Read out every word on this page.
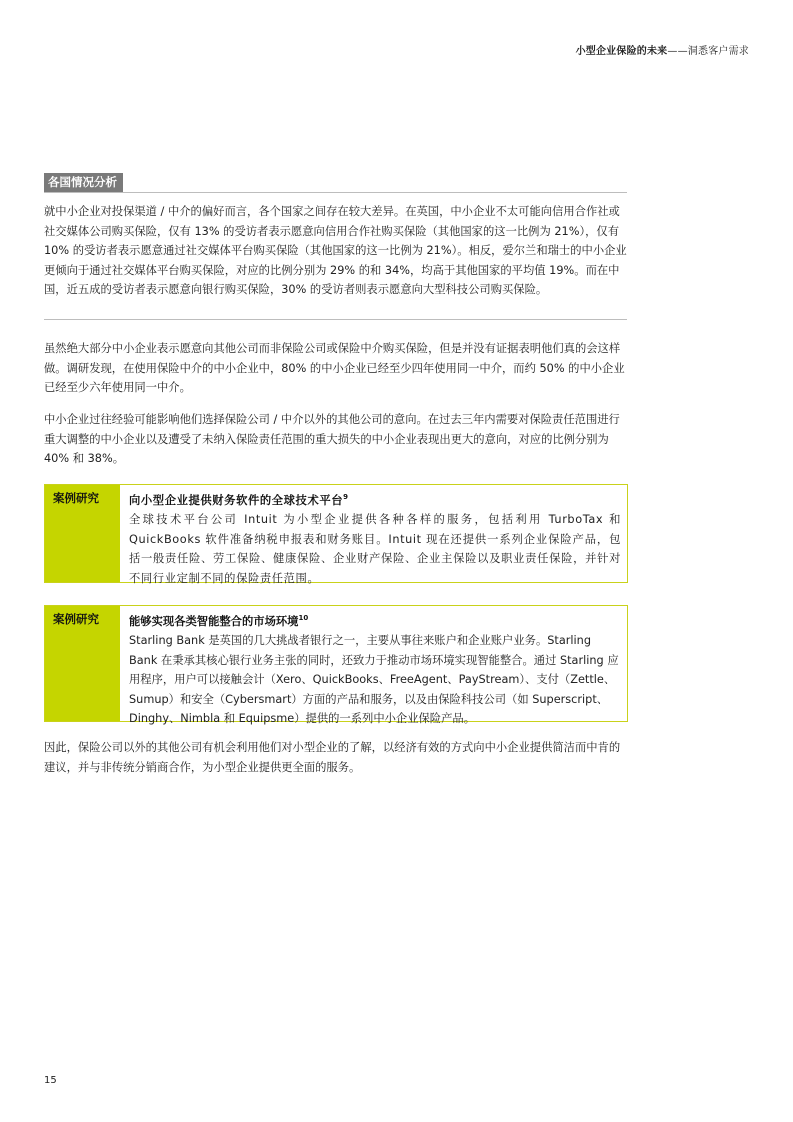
小型企业保险的未来——洞悉客户需求
各国情况分析
就中小企业对投保渠道 / 中介的偏好而言，各个国家之间存在较大差异。在英国，中小企业不太可能向信用合作社或社交媒体公司购买保险，仅有 13% 的受访者表示愿意向信用合作社购买保险（其他国家的这一比例为 21%），仅有 10% 的受访者表示愿意通过社交媒体平台购买保险（其他国家的这一比例为 21%）。相反，爱尔兰和瑞士的中小企业更倾向于通过社交媒体平台购买保险，对应的比例分别为 29% 的和 34%，均高于其他国家的平均值 19%。而在中国，近五成的受访者表示愿意向银行购买保险，30% 的受访者则表示愿意向大型科技公司购买保险。
虽然绝大部分中小企业表示愿意向其他公司而非保险公司或保险中介购买保险，但是并没有证据表明他们真的会这样做。调研发现，在使用保险中介的中小企业中，80% 的中小企业已经至少四年使用同一中介，而约 50% 的中小企业已经至少六年使用同一中介。
中小企业过往经验可能影响他们选择保险公司 / 中介以外的其他公司的意向。在过去三年内需要对保险责任范围进行重大调整的中小企业以及遭受了未纳入保险责任范围的重大损失的中小企业表现出更大的意向，对应的比例分别为 40% 和 38%。
案例研究	向小型企业提供财务软件的全球技术平台$^9$
全球技术平台公司 Intuit 为小型企业提供各种各样的服务，包括利用 TurboTax 和 QuickBooks 软件准备纳税申报表和财务账目。Intuit 现在还提供一系列企业保险产品，包括一般责任险、劳工保险、健康保险、企业财产保险、企业主保险以及职业责任保险，并针对不同行业定制不同的保险责任范围。
案例研究	能够实现各类智能整合的市场环境$^{10}$
Starling Bank 是英国的几大挑战者银行之一，主要从事往来账户和企业账户业务。Starling Bank 在秉承其核心银行业务主张的同时，还致力于推动市场环境实现智能整合。通过 Starling 应用程序，用户可以接触会计（Xero、QuickBooks、FreeAgent、PayStream）、支付（Zettle、Sumup）和安全（Cybersmart）方面的产品和服务，以及由保险科技公司（如 Superscript、Dinghy、Nimbla 和 Equipsme）提供的一系列中小企业保险产品。
因此，保险公司以外的其他公司有机会利用他们对小型企业的了解，以经济有效的方式向中小企业提供简洁而中肯的建议，并与非传统分销商合作，为小型企业提供更全面的服务。
15
